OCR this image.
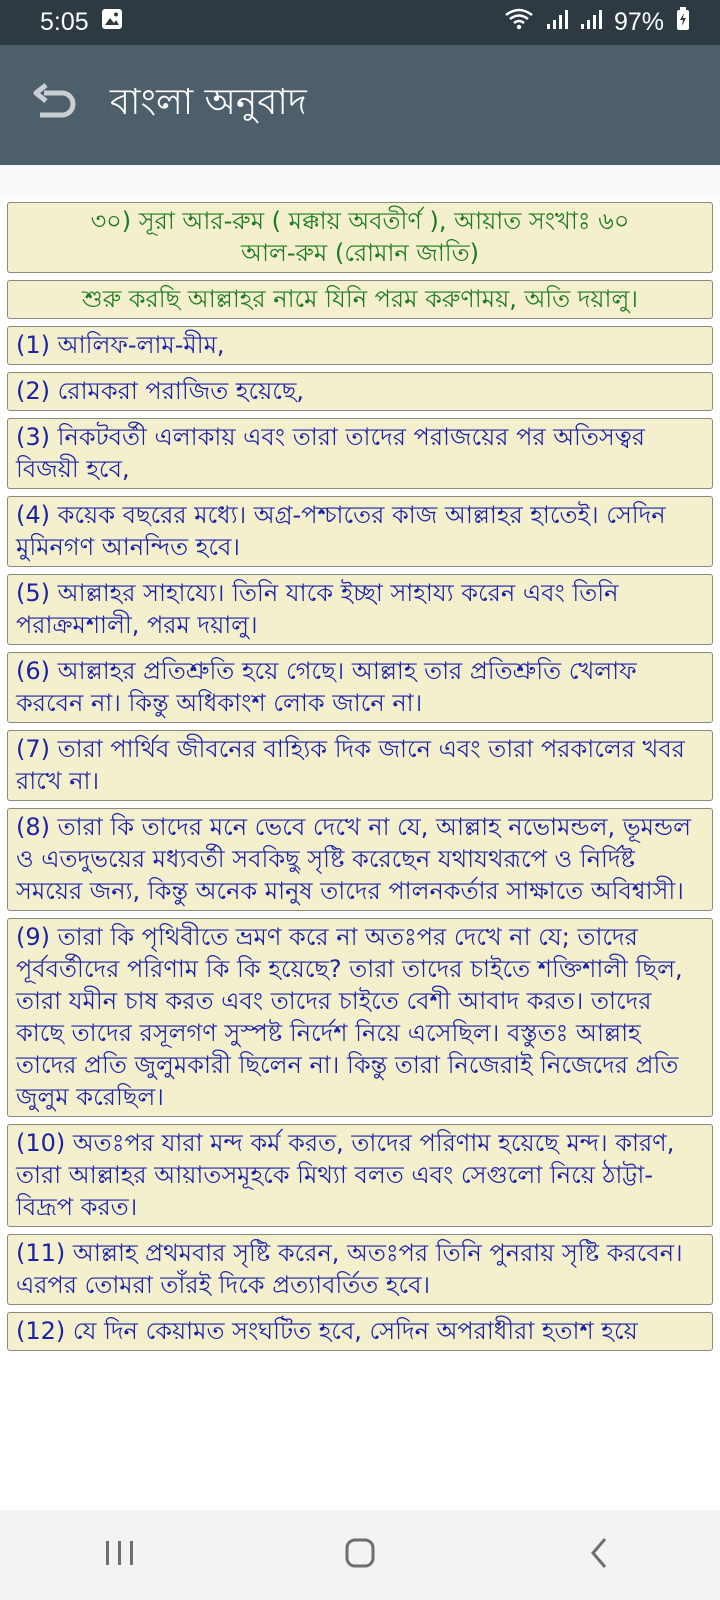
5:05	97%
বাংলা অনুবাদ
৩০) সূরা আর-রুম ( মক্কায় অবতীর্ণ ), আয়াত সংখাঃ ৬০
আল-রুম (রোমান জাতি)
শুরু করছি আল্লাহর নামে যিনি পরম করুণাময়, অতি দয়ালু।
(1) আলিফ-লাম-মীম,
(2) রোমকরা পরাজিত হয়েছে,
(3) নিকটবর্তী এলাকায় এবং তারা তাদের পরাজয়ের পর অতিসত্বর বিজয়ী হবে,
(4) কয়েক বছরের মধ্যে। অগ্র-পশ্চাতের কাজ আল্লাহর হাতেই। সেদিন মুমিনগণ আনন্দিত হবে।
(5) আল্লাহর সাহায্যে। তিনি যাকে ইচ্ছা সাহায্য করেন এবং তিনি পরাক্রমশালী, পরম দয়ালু।
(6) আল্লাহর প্রতিশ্রুতি হয়ে গেছে। আল্লাহ তার প্রতিশ্রুতি খেলাফ করবেন না। কিন্তু অধিকাংশ লোক জানে না।
(7) তারা পার্থিব জীবনের বাহ্যিক দিক জানে এবং তারা পরকালের খবর রাখে না।
(8) তারা কি তাদের মনে ভেবে দেখে না যে, আল্লাহ নভোমন্ডল, ভূমন্ডল ও এতদুভয়ের মধ্যবর্তী সবকিছু সৃষ্টি করেছেন যথাযথরূপে ও নির্দিষ্ট সময়ের জন্য, কিন্তু অনেক মানুষ তাদের পালনকর্তার সাক্ষাতে অবিশ্বাসী।
(9) তারা কি পৃথিবীতে ভ্রমণ করে না অতঃপর দেখে না যে; তাদের পূর্ববর্তীদের পরিণাম কি কি হয়েছে? তারা তাদের চাইতে শক্তিশালী ছিল, তারা যমীন চাষ করত এবং তাদের চাইতে বেশী আবাদ করত। তাদের কাছে তাদের রসূলগণ সুস্পষ্ট নির্দেশ নিয়ে এসেছিল। বস্তুতঃ আল্লাহ তাদের প্রতি জুলুমকারী ছিলেন না। কিন্তু তারা নিজেরাই নিজেদের প্রতি জুলুম করেছিল।
(10) অতঃপর যারা মন্দ কর্ম করত, তাদের পরিণাম হয়েছে মন্দ। কারণ, তারা আল্লাহর আয়াতসমূহকে মিথ্যা বলত এবং সেগুলো নিয়ে ঠাট্টা-বিদ্রূপ করত।
(11) আল্লাহ প্রথমবার সৃষ্টি করেন, অতঃপর তিনি পুনরায় সৃষ্টি করবেন। এরপর তোমরা তাঁরই দিকে প্রত্যাবর্তিত হবে।
(12) যে দিন কেয়ামত সংঘটিত হবে, সেদিন অপরাধীরা হতাশ হয়ে
